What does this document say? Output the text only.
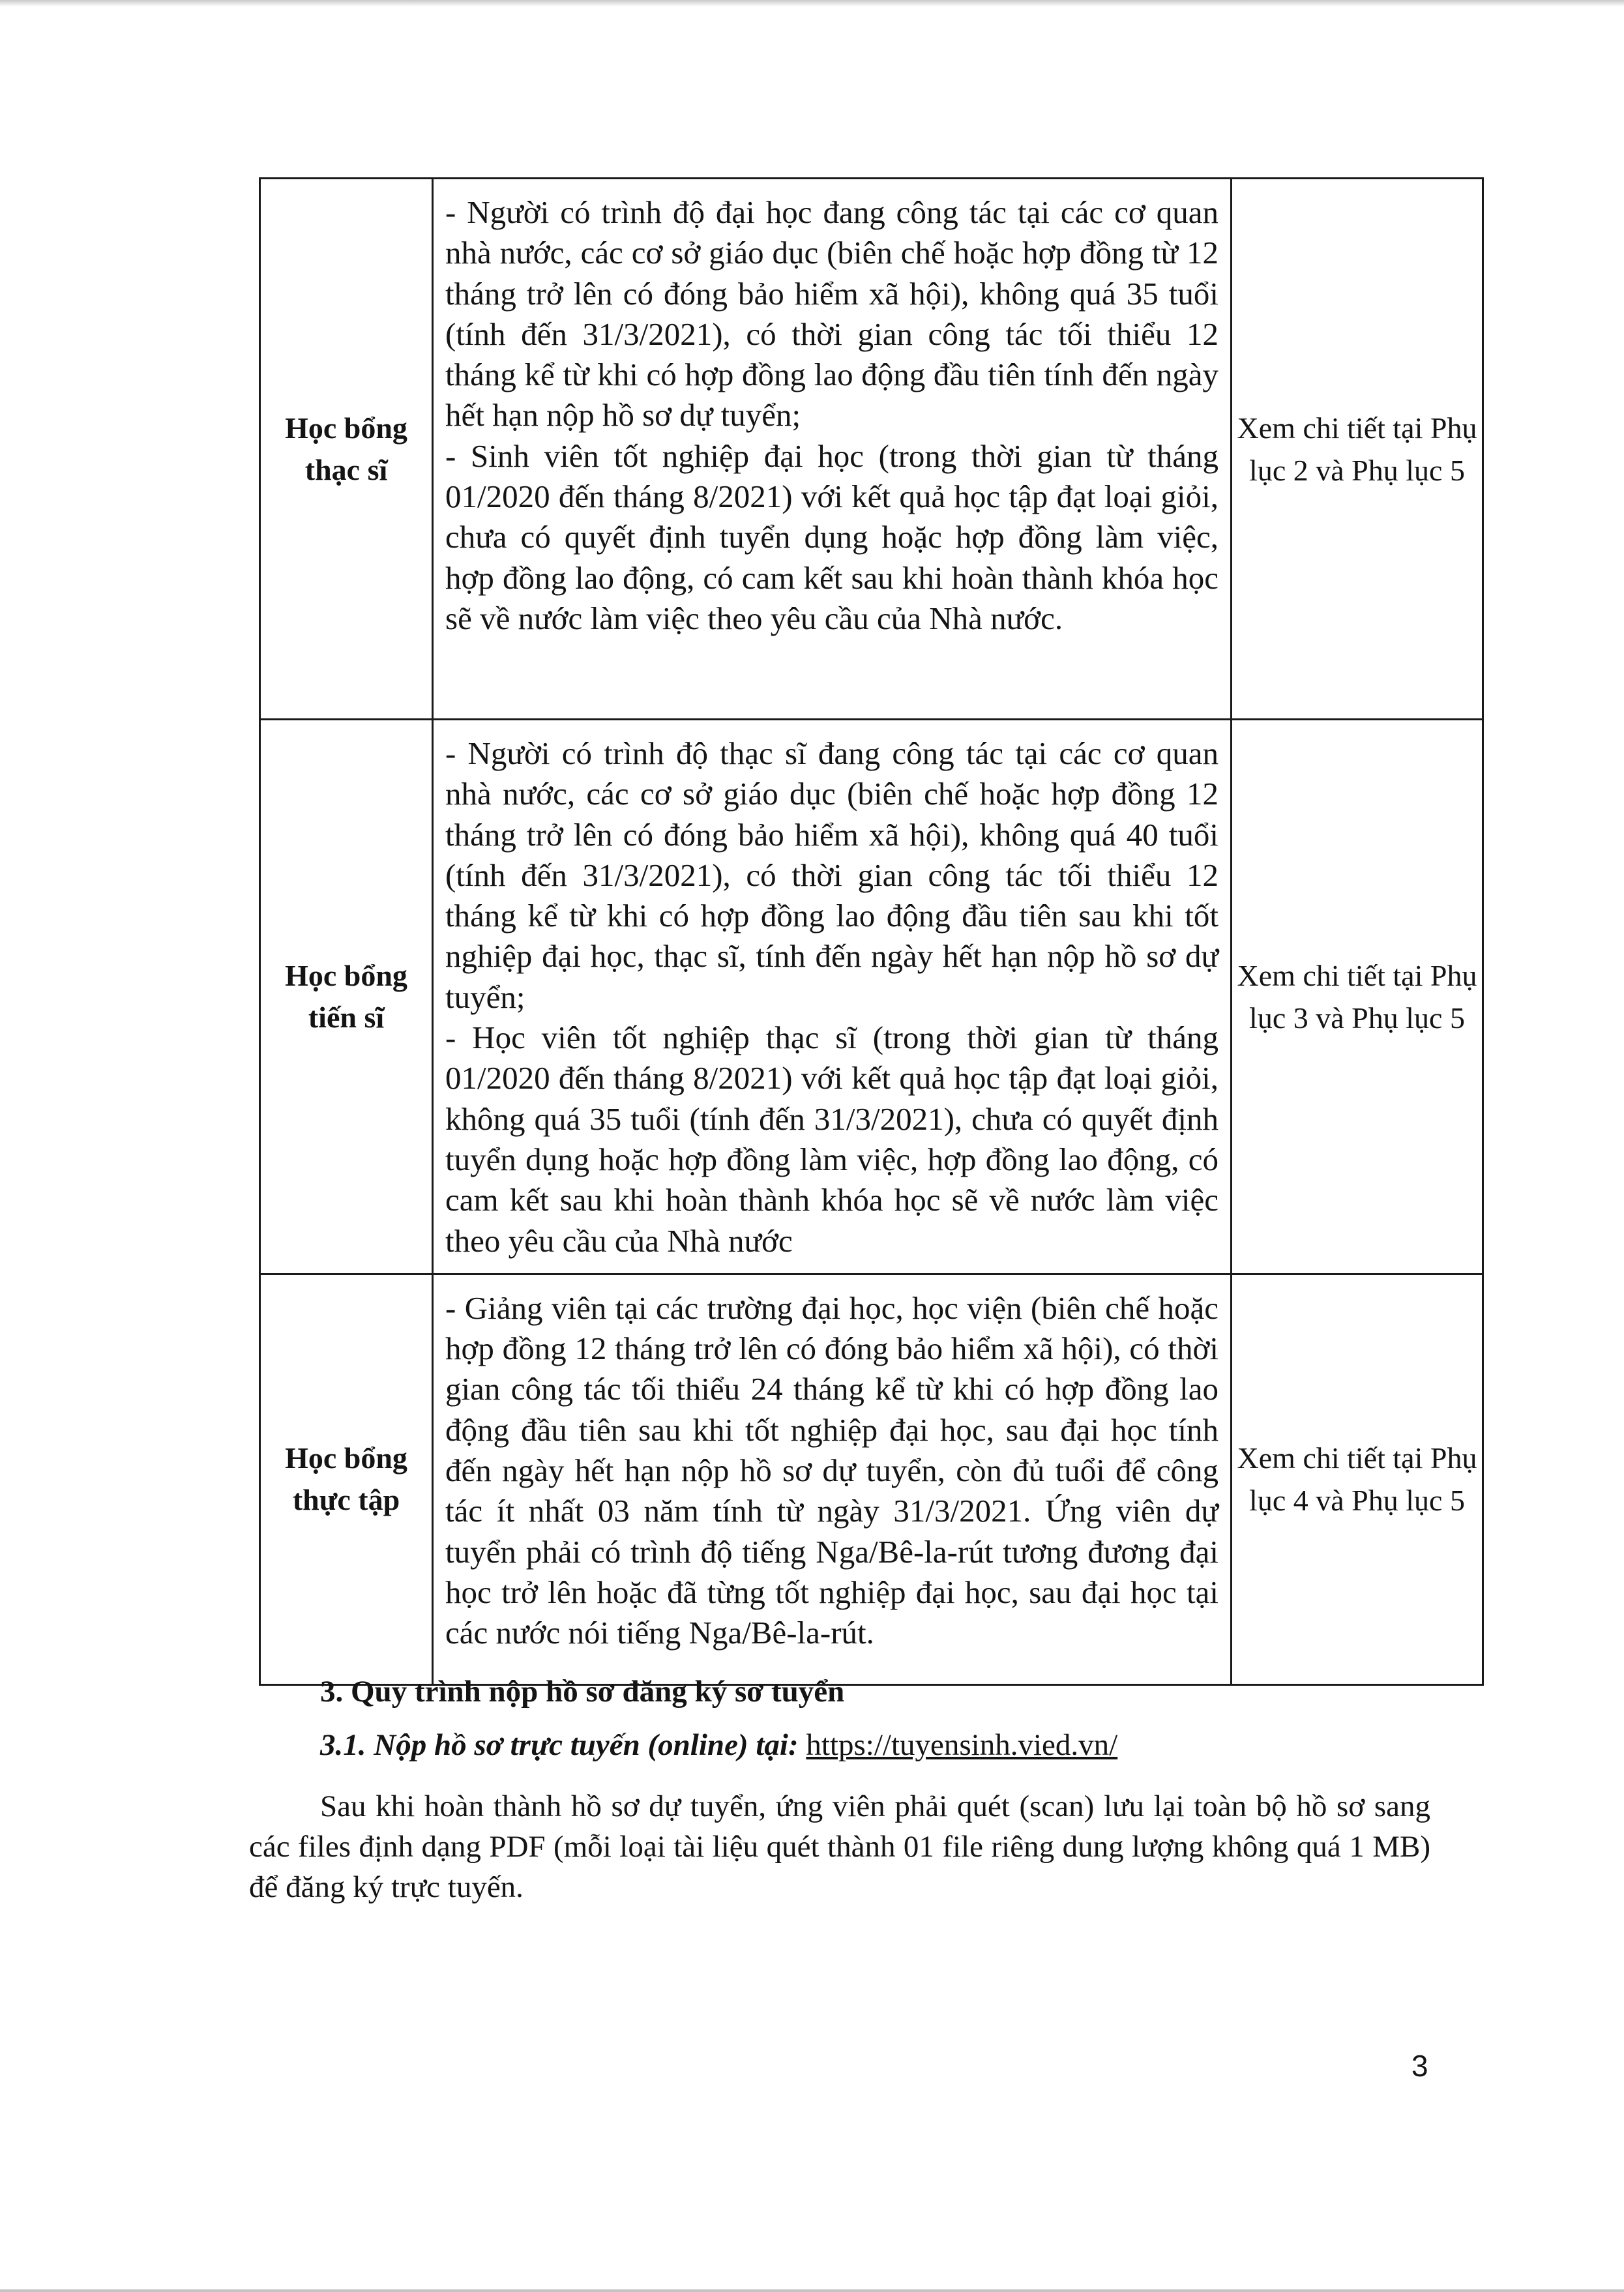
Học bổng thạc sĩ	- Người có trình độ đại học đang công tác tại các cơ quan nhà nước, các cơ sở giáo dục (biên chế hoặc hợp đồng từ 12 tháng trở lên có đóng bảo hiểm xã hội), không quá 35 tuổi (tính đến 31/3/2021), có thời gian công tác tối thiểu 12 tháng kể từ khi có hợp đồng lao động đầu tiên tính đến ngày hết hạn nộp hồ sơ dự tuyển;

- Sinh viên tốt nghiệp đại học (trong thời gian từ tháng 01/2020 đến tháng 8/2021) với kết quả học tập đạt loại giỏi, chưa có quyết định tuyển dụng hoặc hợp đồng làm việc, hợp đồng lao động, có cam kết sau khi hoàn thành khóa học sẽ về nước làm việc theo yêu cầu của Nhà nước.	Xem chi tiết tại Phụ lục 2 và Phụ lục 5
Học bổng tiến sĩ	- Người có trình độ thạc sĩ đang công tác tại các cơ quan nhà nước, các cơ sở giáo dục (biên chế hoặc hợp đồng 12 tháng trở lên có đóng bảo hiểm xã hội), không quá 40 tuổi (tính đến 31/3/2021), có thời gian công tác tối thiểu 12 tháng kể từ khi có hợp đồng lao động đầu tiên sau khi tốt nghiệp đại học, thạc sĩ, tính đến ngày hết hạn nộp hồ sơ dự tuyển;

- Học viên tốt nghiệp thạc sĩ (trong thời gian từ tháng 01/2020 đến tháng 8/2021) với kết quả học tập đạt loại giỏi, không quá 35 tuổi (tính đến 31/3/2021), chưa có quyết định tuyển dụng hoặc hợp đồng làm việc, hợp đồng lao động, có cam kết sau khi hoàn thành khóa học sẽ về nước làm việc theo yêu cầu của Nhà nước	Xem chi tiết tại Phụ lục 3 và Phụ lục 5
Học bổng thực tập	- Giảng viên tại các trường đại học, học viện (biên chế hoặc hợp đồng 12 tháng trở lên có đóng bảo hiểm xã hội), có thời gian công tác tối thiểu 24 tháng kể từ khi có hợp đồng lao động đầu tiên sau khi tốt nghiệp đại học, sau đại học tính đến ngày hết hạn nộp hồ sơ dự tuyển, còn đủ tuổi để công tác ít nhất 03 năm tính từ ngày 31/3/2021. Ứng viên dự tuyển phải có trình độ tiếng Nga/Bê-la-rút tương đương đại học trở lên hoặc đã từng tốt nghiệp đại học, sau đại học tại các nước nói tiếng Nga/Bê-la-rút.	Xem chi tiết tại Phụ lục 4 và Phụ lục 5

3. Quy trình nộp hồ sơ đăng ký sơ tuyển

3.1. Nộp hồ sơ trực tuyến (online) tại: https://tuyensinh.vied.vn/

Sau khi hoàn thành hồ sơ dự tuyển, ứng viên phải quét (scan) lưu lại toàn bộ hồ sơ sang các files định dạng PDF (mỗi loại tài liệu quét thành 01 file riêng dung lượng không quá 1 MB) để đăng ký trực tuyến.

3
